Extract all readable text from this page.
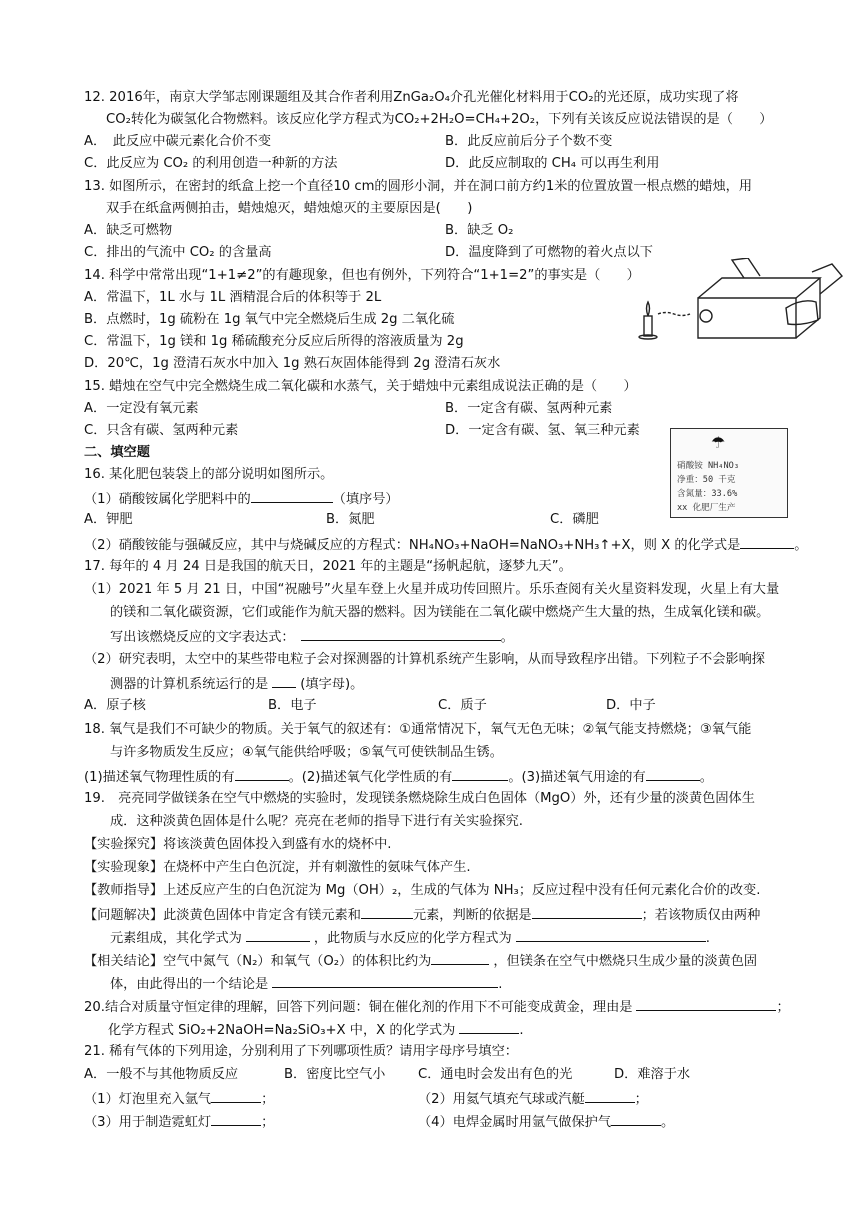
12. 2016年，南京大学邹志刚课题组及其合作者利用ZnGa₂O₄介孔光催化材料用于CO₂的光还原，成功实现了将
CO₂转化为碳氢化合物燃料。该反应化学方程式为CO₂+2H₂O=CH₄+2O₂，下列有关该反应说法错误的是（　　）
A．　此反应中碳元素化合价不变	B．此反应前后分子个数不变
C．此反应为 CO₂ 的利用创造一种新的方法	D．此反应制取的 CH₄ 可以再生利用
13. 如图所示，在密封的纸盒上挖一个直径10 cm的圆形小洞，并在洞口前方约1米的位置放置一根点燃的蜡烛，用
双手在纸盒两侧拍击，蜡烛熄灭，蜡烛熄灭的主要原因是(　　)
A．缺乏可燃物	B．缺乏 O₂
C．排出的气流中 CO₂ 的含量高	D．温度降到了可燃物的着火点以下
14. 科学中常常出现“1+1≠2”的有趣现象，但也有例外，下列符合“1+1=2”的事实是（　　）
A．常温下，1L 水与 1L 酒精混合后的体积等于 2L
B．点燃时，1g 硫粉在 1g 氧气中完全燃烧后生成 2g 二氧化硫
C．常温下，1g 镁和 1g 稀硫酸充分反应后所得的溶液质量为 2g
D．20℃，1g 澄清石灰水中加入 1g 熟石灰固体能得到 2g 澄清石灰水
15. 蜡烛在空气中完全燃烧生成二氧化碳和水蒸气，关于蜡烛中元素组成说法正确的是（　　）
A．一定没有氧元素	B．一定含有碳、氢两种元素
C．只含有碳、氢两种元素	D．一定含有碳、氢、氧三种元素
二、填空题
☂
硝酸铵 NH₄NO₃
净重：50 千克
含氮量：33.6%
xx 化肥厂生产
16. 某化肥包装袋上的部分说明如图所示。
（1）硝酸铵属化学肥料中的	（填序号）
A．钾肥	B．氮肥	C．磷肥
（2）硝酸铵能与强碱反应，其中与烧碱反应的方程式：NH₄NO₃+NaOH=NaNO₃+NH₃↑+X，则 X 的化学式是	。
17. 每年的 4 月 24 日是我国的航天日，2021 年的主题是“扬帆起航，逐梦九天”。
（1）2021 年 5 月 21 日，中国“祝融号”火星车登上火星并成功传回照片。乐乐查阅有关火星资料发现，火星上有大量
的镁和二氧化碳资源，它们或能作为航天器的燃料。因为镁能在二氧化碳中燃烧产生大量的热，生成氧化镁和碳。
写出该燃烧反应的文字表达式：	。
（2）研究表明，太空中的某些带电粒子会对探测器的计算机系统产生影响，从而导致程序出错。下列粒子不会影响探
测器的计算机系统运行的是 (填字母)。
A．原子核	B．电子	C．质子	D．中子
18. 氧气是我们不可缺少的物质。关于氧气的叙述有：①通常情况下，氧气无色无味；②氧气能支持燃烧；③氧气能
与许多物质发生反应；④氧气能供给呼吸；⑤氧气可使铁制品生锈。
(1)描述氧气物理性质的有	。(2)描述氧气化学性质的有	。(3)描述氧气用途的有	。
19.　亮亮同学做镁条在空气中燃烧的实验时，发现镁条燃烧除生成白色固体（MgO）外，还有少量的淡黄色固体生
成．这种淡黄色固体是什么呢？亮亮在老师的指导下进行有关实验探究.
【实验探究】将该淡黄色固体投入到盛有水的烧杯中.
【实验现象】在烧杯中产生白色沉淀，并有刺激性的氨味气体产生.
【教师指导】上述反应产生的白色沉淀为 Mg（OH）₂，生成的气体为 NH₃；反应过程中没有任何元素化合价的改变.
【问题解决】此淡黄色固体中肯定含有镁元素和	元素，判断的依据是	；若该物质仅由两种
元素组成，其化学式为	，此物质与水反应的化学方程式为	.
【相关结论】空气中氮气（N₂）和氧气（O₂）的体积比约为	，但镁条在空气中燃烧只生成少量的淡黄色固
体，由此得出的一个结论是	.
20.结合对质量守恒定律的理解，回答下列问题：铜在催化剂的作用下不可能变成黄金，理由是	；
化学方程式 SiO₂+2NaOH=Na₂SiO₃+X 中，X 的化学式为	.
21. 稀有气体的下列用途，分别利用了下列哪项性质？请用字母序号填空：
A．一般不与其他物质反应	B．密度比空气小 C．通电时会发出有色的光	D．难溶于水
（1）灯泡里充入氩气	；	（2）用氦气填充气球或汽艇	；
（3）用于制造霓虹灯	；	（4）电焊金属时用氩气做保护气	。
